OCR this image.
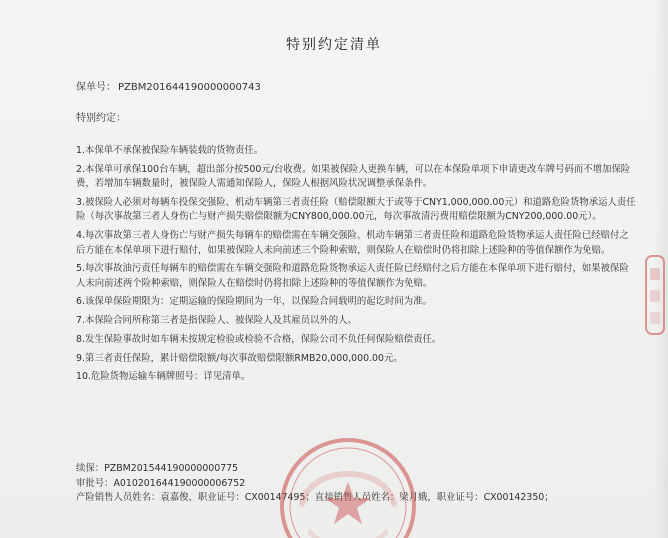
特别约定清单
保单号： PZBM201644190000000743
特别约定：
1.本保单不承保被保险车辆装载的货物责任。
2.本保单可承保100台车辆，超出部分按500元/台收费。如果被保险人更换车辆，可以在本保险单项下申请更改车牌号码而不增加保险费，若增加车辆数量时，被保险人需通知保险人，保险人根据风险状况调整承保条件。
3.被保险人必须对每辆车投保交强险、机动车辆第三者责任险（赔偿限额大于或等于CNY1,000,000.00元）和道路危险货物承运人责任险（每次事故第三者人身伤亡与财产损失赔偿限额为CNY800,000.00元，每次事故清污费用赔偿限额为CNY200,000.00元）。
4.每次事故第三者人身伤亡与财产损失每辆车的赔偿需在车辆交强险、机动车辆第三者责任险和道路危险货物承运人责任险已经赔付之后方能在本保单项下进行赔付，如果被保险人未向前述三个险种索赔，则保险人在赔偿时仍将扣除上述险种的等值保额作为免赔。
5.每次事故油污责任每辆车的赔偿需在车辆交强险和道路危险货物承运人责任险已经赔付之后方能在本保单项下进行赔付，如果被保险人未向前述两个险种索赔，则保险人在赔偿时仍将扣除上述险种的等值保额作为免赔。
6.该保单保险期限为：定期运输的保险期间为一年，以保险合同载明的起讫时间为准。
7.本保险合同所称第三者是指保险人、被保险人及其雇员以外的人。
8.发生保险事故时如车辆未按规定检验或检验不合格，保险公司不负任何保险赔偿责任。
9.第三者责任保险，累计赔偿限额/每次事故赔偿限额RMB20,000,000.00元。
10.危险货物运输车辆牌照号：详见清单。
续保：PZBM201544190000000775
审批号：A010201644190000006752
产险销售人员姓名：袁嘉俊，职业证号：CX00147495；直接销售人员姓名：梁月娥，职业证号：CX00142350；
